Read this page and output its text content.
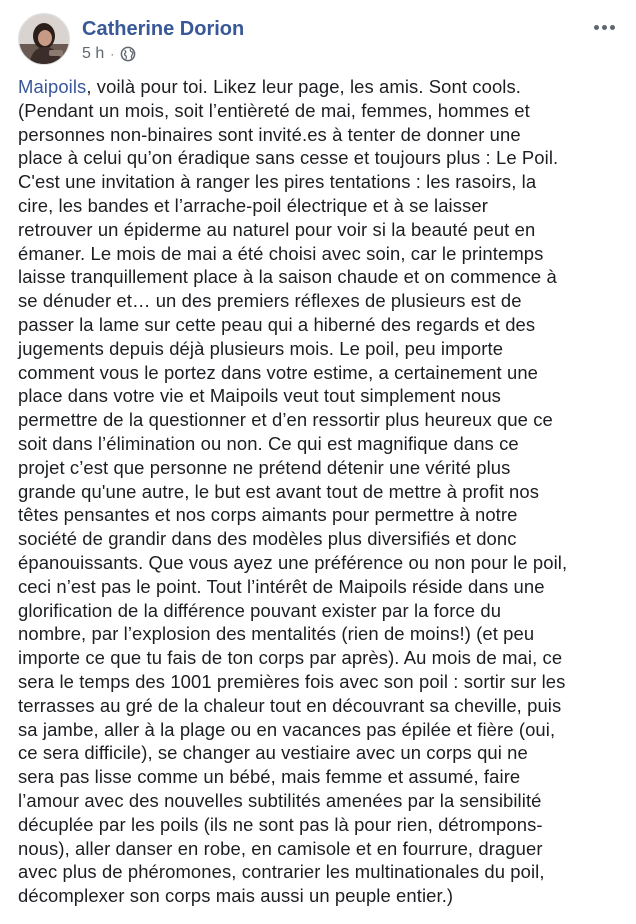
Catherine Dorion
5 h ·
Maipoils, voilà pour toi. Likez leur page, les amis. Sont cools.
(Pendant un mois, soit l’entièreté de mai, femmes, hommes et
personnes non-binaires sont invité.es à tenter de donner une
place à celui qu’on éradique sans cesse et toujours plus : Le Poil.
C'est une invitation à ranger les pires tentations : les rasoirs, la
cire, les bandes et l’arrache-poil électrique et à se laisser
retrouver un épiderme au naturel pour voir si la beauté peut en
émaner. Le mois de mai a été choisi avec soin, car le printemps
laisse tranquillement place à la saison chaude et on commence à
se dénuder et… un des premiers réflexes de plusieurs est de
passer la lame sur cette peau qui a hiberné des regards et des
jugements depuis déjà plusieurs mois. Le poil, peu importe
comment vous le portez dans votre estime, a certainement une
place dans votre vie et Maipoils veut tout simplement nous
permettre de la questionner et d’en ressortir plus heureux que ce
soit dans l’élimination ou non. Ce qui est magnifique dans ce
projet c’est que personne ne prétend détenir une vérité plus
grande qu'une autre, le but est avant tout de mettre à profit nos
têtes pensantes et nos corps aimants pour permettre à notre
société de grandir dans des modèles plus diversifiés et donc
épanouissants. Que vous ayez une préférence ou non pour le poil,
ceci n’est pas le point. Tout l’intérêt de Maipoils réside dans une
glorification de la différence pouvant exister par la force du
nombre, par l’explosion des mentalités (rien de moins!) (et peu
importe ce que tu fais de ton corps par après). Au mois de mai, ce
sera le temps des 1001 premières fois avec son poil : sortir sur les
terrasses au gré de la chaleur tout en découvrant sa cheville, puis
sa jambe, aller à la plage ou en vacances pas épilée et fière (oui,
ce sera difficile), se changer au vestiaire avec un corps qui ne
sera pas lisse comme un bébé, mais femme et assumé, faire
l’amour avec des nouvelles subtilités amenées par la sensibilité
décuplée par les poils (ils ne sont pas là pour rien, détrompons-
nous), aller danser en robe, en camisole et en fourrure, draguer
avec plus de phéromones, contrarier les multinationales du poil,
décomplexer son corps mais aussi un peuple entier.)
